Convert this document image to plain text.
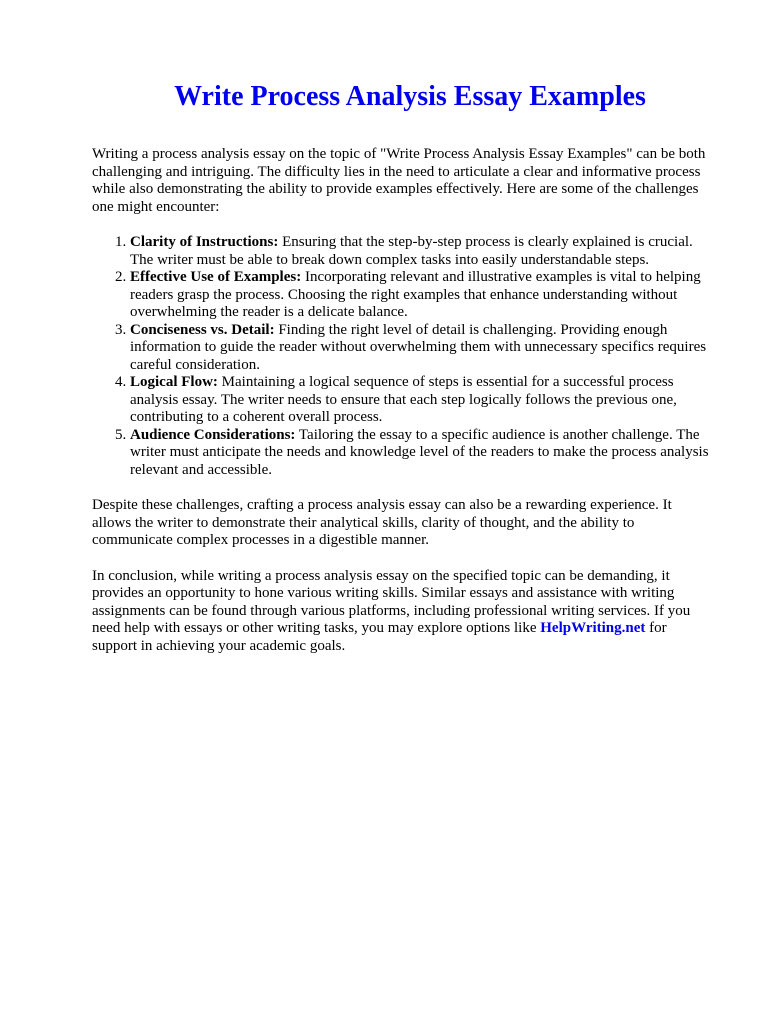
Write Process Analysis Essay Examples

Writing a process analysis essay on the topic of "Write Process Analysis Essay Examples" can be both challenging and intriguing. The difficulty lies in the need to articulate a clear and informative process while also demonstrating the ability to provide examples effectively. Here are some of the challenges one might encounter:

1. Clarity of Instructions: Ensuring that the step-by-step process is clearly explained is crucial. The writer must be able to break down complex tasks into easily understandable steps.
2. Effective Use of Examples: Incorporating relevant and illustrative examples is vital to helping readers grasp the process. Choosing the right examples that enhance understanding without overwhelming the reader is a delicate balance.
3. Conciseness vs. Detail: Finding the right level of detail is challenging. Providing enough information to guide the reader without overwhelming them with unnecessary specifics requires careful consideration.
4. Logical Flow: Maintaining a logical sequence of steps is essential for a successful process analysis essay. The writer needs to ensure that each step logically follows the previous one, contributing to a coherent overall process.
5. Audience Considerations: Tailoring the essay to a specific audience is another challenge. The writer must anticipate the needs and knowledge level of the readers to make the process analysis relevant and accessible.

Despite these challenges, crafting a process analysis essay can also be a rewarding experience. It allows the writer to demonstrate their analytical skills, clarity of thought, and the ability to communicate complex processes in a digestible manner.

In conclusion, while writing a process analysis essay on the specified topic can be demanding, it provides an opportunity to hone various writing skills. Similar essays and assistance with writing assignments can be found through various platforms, including professional writing services. If you need help with essays or other writing tasks, you may explore options like HelpWriting.net for support in achieving your academic goals.
